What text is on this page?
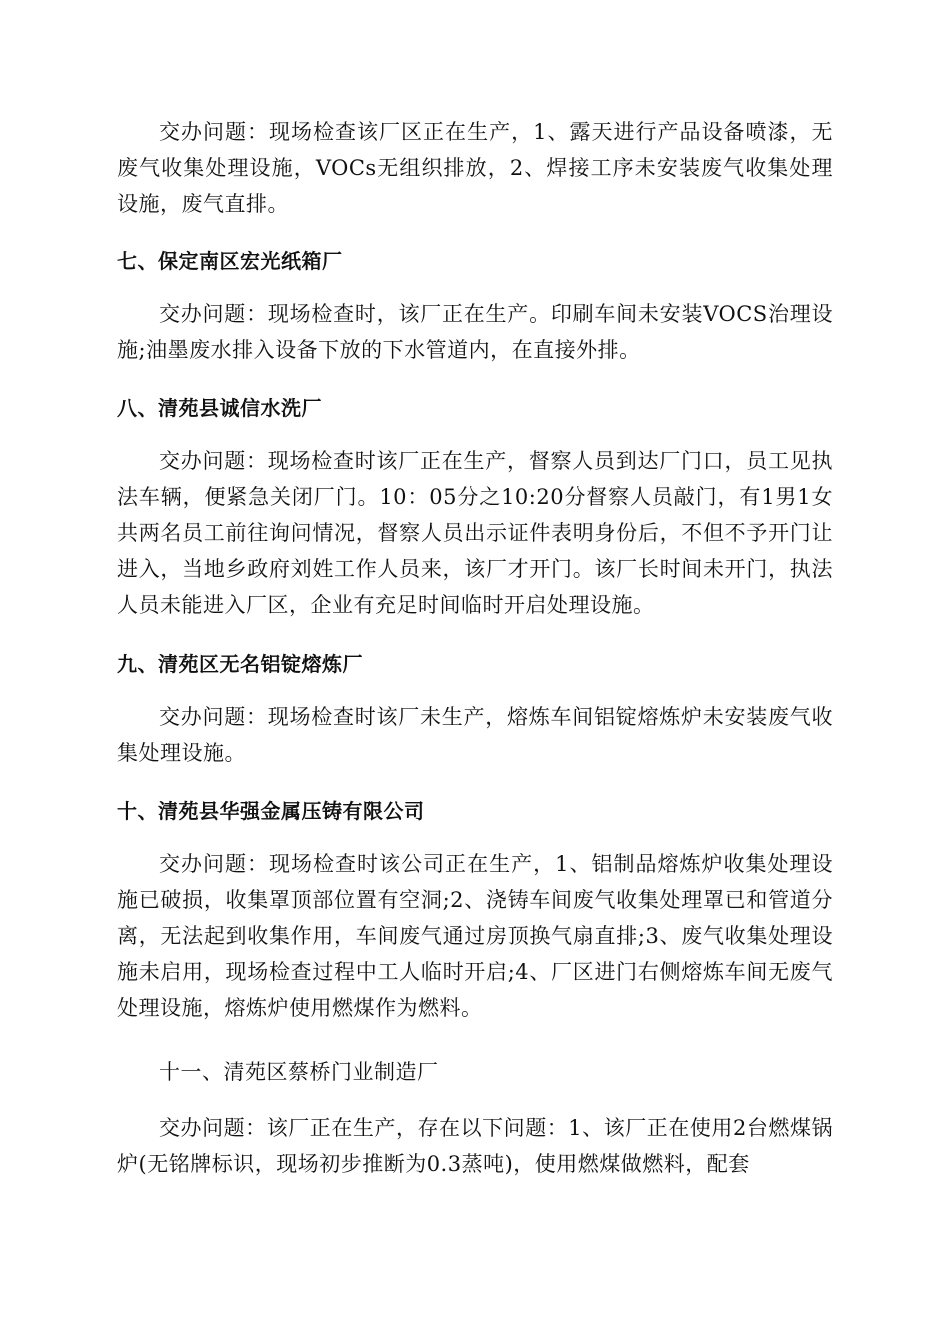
交办问题：现场检查该厂区正在生产，1、露天进行产品设备喷漆，无废气收集处理设施，VOCs无组织排放，2、焊接工序未安装废气收集处理设施，废气直排。

七、保定南区宏光纸箱厂

交办问题：现场检查时，该厂正在生产。印刷车间未安装VOCS治理设施;油墨废水排入设备下放的下水管道内，在直接外排。

八、清苑县诚信水洗厂

交办问题：现场检查时该厂正在生产，督察人员到达厂门口，员工见执法车辆，便紧急关闭厂门。10：05分之10:20分督察人员敲门，有1男1女共两名员工前往询问情况，督察人员出示证件表明身份后，不但不予开门让进入，当地乡政府刘姓工作人员来，该厂才开门。该厂长时间未开门，执法人员未能进入厂区，企业有充足时间临时开启处理设施。

九、清苑区无名铝锭熔炼厂

交办问题：现场检查时该厂未生产，熔炼车间铝锭熔炼炉未安装废气收集处理设施。

十、清苑县华强金属压铸有限公司

交办问题：现场检查时该公司正在生产，1、铝制品熔炼炉收集处理设施已破损，收集罩顶部位置有空洞;2、浇铸车间废气收集处理罩已和管道分离，无法起到收集作用，车间废气通过房顶换气扇直排;3、废气收集处理设施未启用，现场检查过程中工人临时开启;4、厂区进门右侧熔炼车间无废气处理设施，熔炼炉使用燃煤作为燃料。

十一、清苑区蔡桥门业制造厂

交办问题：该厂正在生产，存在以下问题：1、该厂正在使用2台燃煤锅炉(无铭牌标识，现场初步推断为0.3蒸吨)，使用燃煤做燃料，配套
